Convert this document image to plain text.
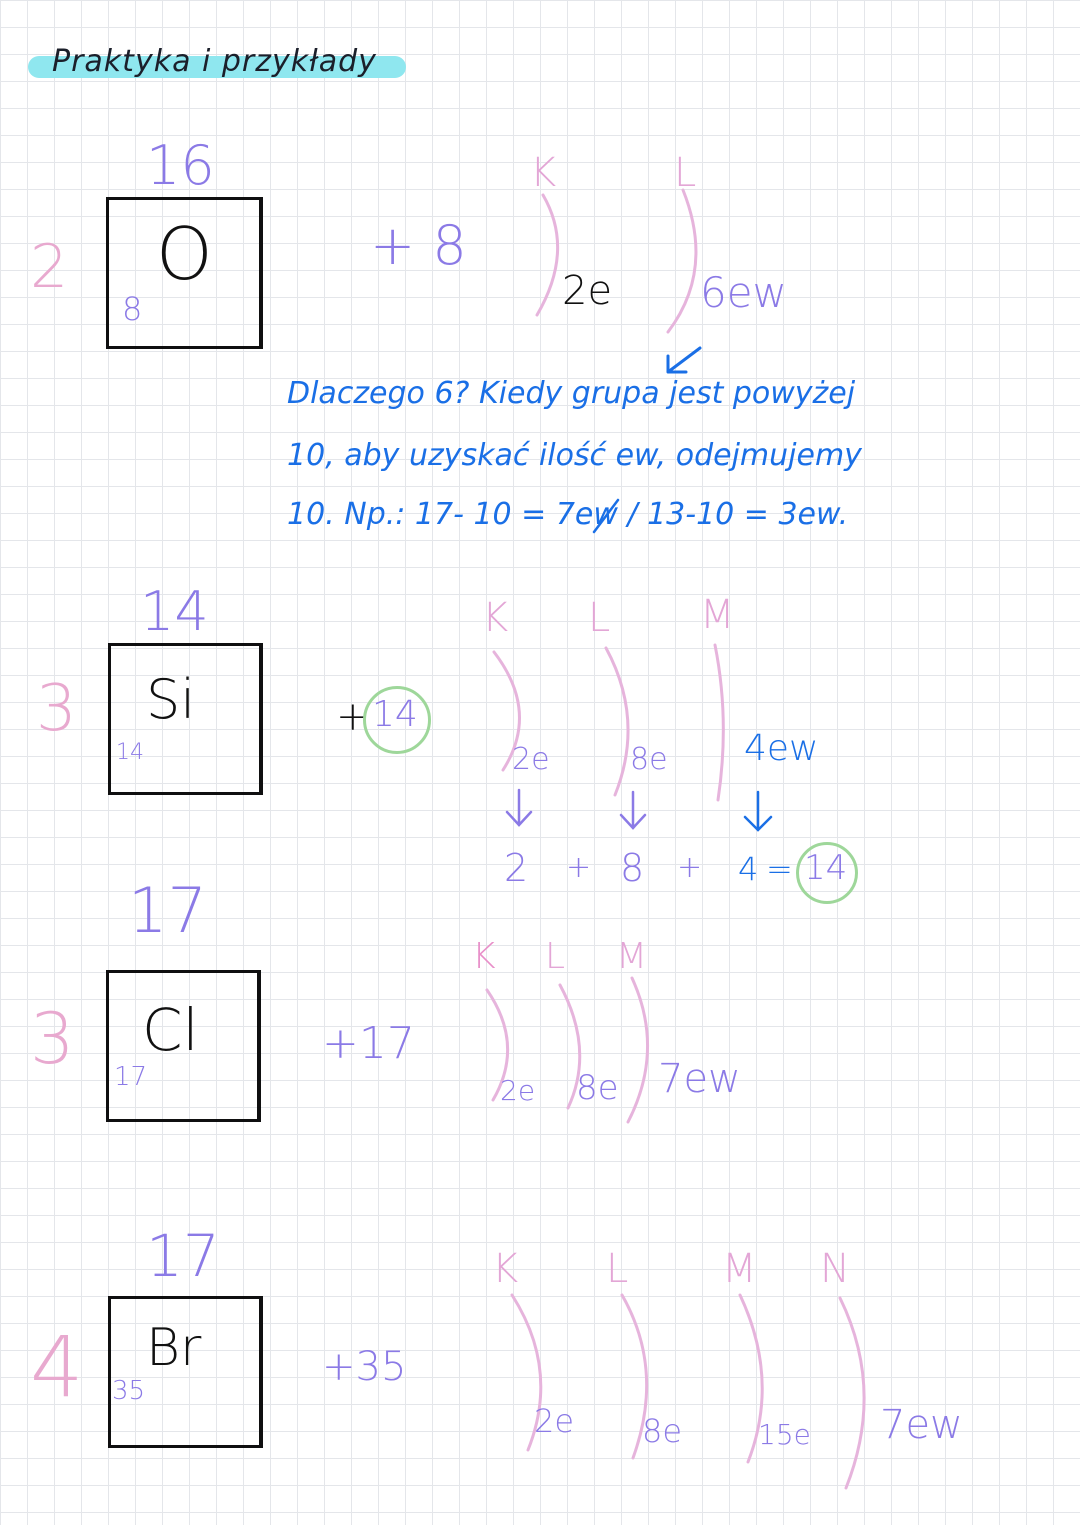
Praktyka i przykłady
2
16
O
8
+ 8
K	L
2e 6ew
Dlaczego 6? Kiedy grupa jest powyżej
10, aby uzyskać ilość ew, odejmujemy
10. Np.: 17- 10 = 7ew / 13-10 = 3ew.
3
14
Si
14
+ 14
K L M
2e	8e 4ew
2 + 8 + 4 = 14
3
17
Cl
17
+17
K L M
2e 8e 7ew
4
17
Br
35
+35
K L M N
2e 8e	15e 7ew
